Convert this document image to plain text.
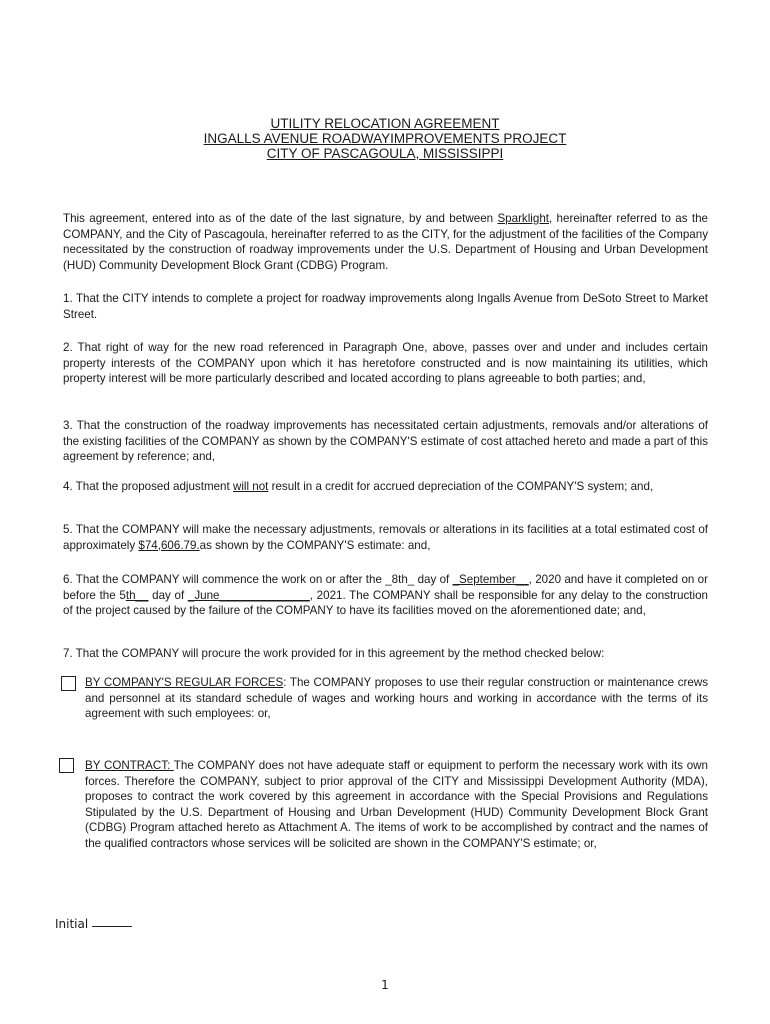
UTILITY RELOCATION AGREEMENT
INGALLS AVENUE ROADWAYIMPROVEMENTS PROJECT
CITY OF PASCAGOULA, MISSISSIPPI
This agreement, entered into as of the date of the last signature, by and between Sparklight, hereinafter referred to as the COMPANY, and the City of Pascagoula, hereinafter referred to as the CITY, for the adjustment of the facilities of the Company necessitated by the construction of roadway improvements under the U.S. Department of Housing and Urban Development (HUD) Community Development Block Grant (CDBG) Program.
1. That the CITY intends to complete a project for roadway improvements along Ingalls Avenue from DeSoto Street to Market Street.
2. That right of way for the new road referenced in Paragraph One, above, passes over and under and includes certain property interests of the COMPANY upon which it has heretofore constructed and is now maintaining its utilities, which property interest will be more particularly described and located according to plans agreeable to both parties; and,
3. That the construction of the roadway improvements has necessitated certain adjustments, removals and/or alterations of the existing facilities of the COMPANY as shown by the COMPANY'S estimate of cost attached hereto and made a part of this agreement by reference; and,
4. That the proposed adjustment will not result in a credit for accrued depreciation of the COMPANY'S system; and,
5. That the COMPANY will make the necessary adjustments, removals or alterations in its facilities at a total estimated cost of approximately $74,606.79.as shown by the COMPANY'S estimate: and,
6. That the COMPANY will commence the work on or after the _8th_ day of _September__, 2020 and have it completed on or before the 5th__ day of _June______________, 2021. The COMPANY shall be responsible for any delay to the construction of the project caused by the failure of the COMPANY to have its facilities moved on the aforementioned date; and,
7. That the COMPANY will procure the work provided for in this agreement by the method checked below:
BY COMPANY'S REGULAR FORCES: The COMPANY proposes to use their regular construction or maintenance crews and personnel at its standard schedule of wages and working hours and working in accordance with the terms of its agreement with such employees: or,
BY CONTRACT: The COMPANY does not have adequate staff or equipment to perform the necessary work with its own forces. Therefore the COMPANY, subject to prior approval of the CITY and Mississippi Development Authority (MDA), proposes to contract the work covered by this agreement in accordance with the Special Provisions and Regulations Stipulated by the U.S. Department of Housing and Urban Development (HUD) Community Development Block Grant (CDBG) Program attached hereto as Attachment A. The items of work to be accomplished by contract and the names of the qualified contractors whose services will be solicited are shown in the COMPANY'S estimate; or,
Initial
1
